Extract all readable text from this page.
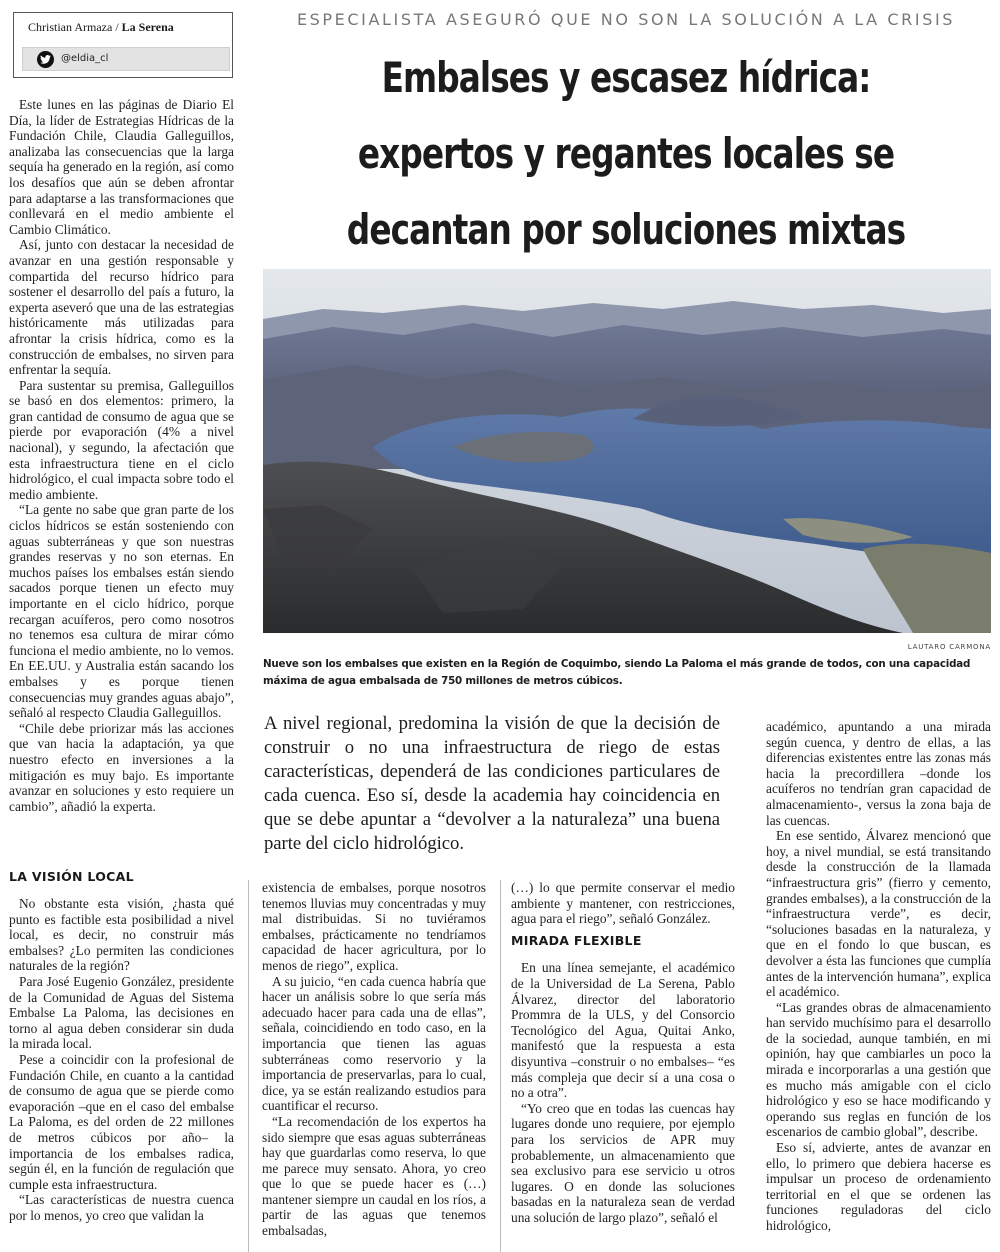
Christian Armaza / La Serena
@eldia_cl
ESPECIALISTA ASEGURÓ QUE NO SON LA SOLUCIÓN A LA CRISIS
Embalses y escasez hídrica:
expertos y regantes locales se
decantan por soluciones mixtas
LAUTARO CARMONA
Nueve son los embalses que existen en la Región de Coquimbo, siendo La Paloma el más grande de todos, con una capacidad máxima de agua embalsada de 750 millones de metros cúbicos.
A nivel regional, predomina la visión de que la decisión de construir o no una infraestructura de riego de estas características, dependerá de las condiciones particulares de cada cuenca. Eso sí, desde la academia hay coincidencia en que se debe apuntar a “devolver a la naturaleza” una buena parte del ciclo hidrológico.

Este lunes en las páginas de Diario El Día, la líder de Estrategias Hídricas de la Fundación Chile, Claudia Galleguillos, analizaba las consecuencias que la larga sequía ha generado en la región, así como los desafíos que aún se deben afrontar para adaptarse a las transformaciones que conllevará en el medio ambiente el Cambio Climático.

Así, junto con destacar la necesidad de avanzar en una gestión responsable y compartida del recurso hídrico para sostener el desarrollo del país a futuro, la experta aseveró que una de las estrategias históricamente más utilizadas para afrontar la crisis hídrica, como es la construcción de embalses, no sirven para enfrentar la sequía.

Para sustentar su premisa, Galleguillos se basó en dos elementos: primero, la gran cantidad de consumo de agua que se pierde por evaporación (4% a nivel nacional), y segundo, la afectación que esta infraestructura tiene en el ciclo hidrológico, el cual impacta sobre todo el medio ambiente.

“La gente no sabe que gran parte de los ciclos hídricos se están sosteniendo con aguas subterráneas y que son nuestras grandes reservas y no son eternas. En muchos países los embalses están siendo sacados porque tienen un efecto muy importante en el ciclo hídrico, porque recargan acuíferos, pero como nosotros no tenemos esa cultura de mirar cómo funciona el medio ambiente, no lo vemos. En EE.UU. y Australia están sacando los embalses y es porque tienen consecuencias muy grandes aguas abajo”, señaló al respecto Claudia Galleguillos.

“Chile debe priorizar más las acciones que van hacia la adaptación, ya que nuestro efecto en inversiones a la mitigación es muy bajo. Es importante avanzar en soluciones y esto requiere un cambio”, añadió la experta.

LA VISIÓN LOCAL

No obstante esta visión, ¿hasta qué punto es factible esta posibilidad a nivel local, es decir, no construir más embalses? ¿Lo permiten las condiciones naturales de la región?

Para José Eugenio González, presidente de la Comunidad de Aguas del Sistema Embalse La Paloma, las decisiones en torno al agua deben considerar sin duda la mirada local.

Pese a coincidir con la profesional de Fundación Chile, en cuanto a la cantidad de consumo de agua que se pierde como evaporación –que en el caso del embalse La Paloma, es del orden de 22 millones de metros cúbicos por año– la importancia de los embalses radica, según él, en la función de regulación que cumple esta infraestructura.

“Las características de nuestra cuenca por lo menos, yo creo que validan la

existencia de embalses, porque nosotros tenemos lluvias muy concentradas y muy mal distribuidas. Si no tuviéramos embalses, prácticamente no tendríamos capacidad de hacer agricultura, por lo menos de riego”, explica.

A su juicio, “en cada cuenca habría que hacer un análisis sobre lo que sería más adecuado hacer para cada una de ellas”, señala, coincidiendo en todo caso, en la importancia que tienen las aguas subterráneas como reservorio y la importancia de preservarlas, para lo cual, dice, ya se están realizando estudios para cuantificar el recurso.

“La recomendación de los expertos ha sido siempre que esas aguas subterráneas hay que guardarlas como reserva, lo que me parece muy sensato. Ahora, yo creo que lo que se puede hacer es (…) mantener siempre un caudal en los ríos, a partir de las aguas que tenemos embalsadas,

(…) lo que permite conservar el medio ambiente y mantener, con restricciones, agua para el riego”, señaló González.

MIRADA FLEXIBLE

En una línea semejante, el académico de la Universidad de La Serena, Pablo Álvarez, director del laboratorio Prommra de la ULS, y del Consorcio Tecnológico del Agua, Quitai Anko, manifestó que la respuesta a esta disyuntiva –construir o no embalses– “es más compleja que decir sí a una cosa o no a otra”.

“Yo creo que en todas las cuencas hay lugares donde uno requiere, por ejemplo para los servicios de APR muy probablemente, un almacenamiento que sea exclusivo para ese servicio u otros lugares. O en donde las soluciones basadas en la naturaleza sean de verdad una solución de largo plazo”, señaló el

académico, apuntando a una mirada según cuenca, y dentro de ellas, a las diferencias existentes entre las zonas más hacia la precordillera –donde los acuíferos no tendrían gran capacidad de almacenamiento-, versus la zona baja de las cuencas.

En ese sentido, Álvarez mencionó que hoy, a nivel mundial, se está transitando desde la construcción de la llamada “infraestructura gris” (fierro y cemento, grandes embalses), a la construcción de la “infraestructura verde”, es decir, “soluciones basadas en la naturaleza, y que en el fondo lo que buscan, es devolver a ésta las funciones que cumplía antes de la intervención humana”, explica el académico.

“Las grandes obras de almacenamiento han servido muchísimo para el desarrollo de la sociedad, aunque también, en mi opinión, hay que cambiarles un poco la mirada e incorporarlas a una gestión que es mucho más amigable con el ciclo hidrológico y eso se hace modificando y operando sus reglas en función de los escenarios de cambio global”, describe.

Eso sí, advierte, antes de avanzar en ello, lo primero que debiera hacerse es impulsar un proceso de ordenamiento territorial en el que se ordenen las funciones reguladoras del ciclo hidrológico,
